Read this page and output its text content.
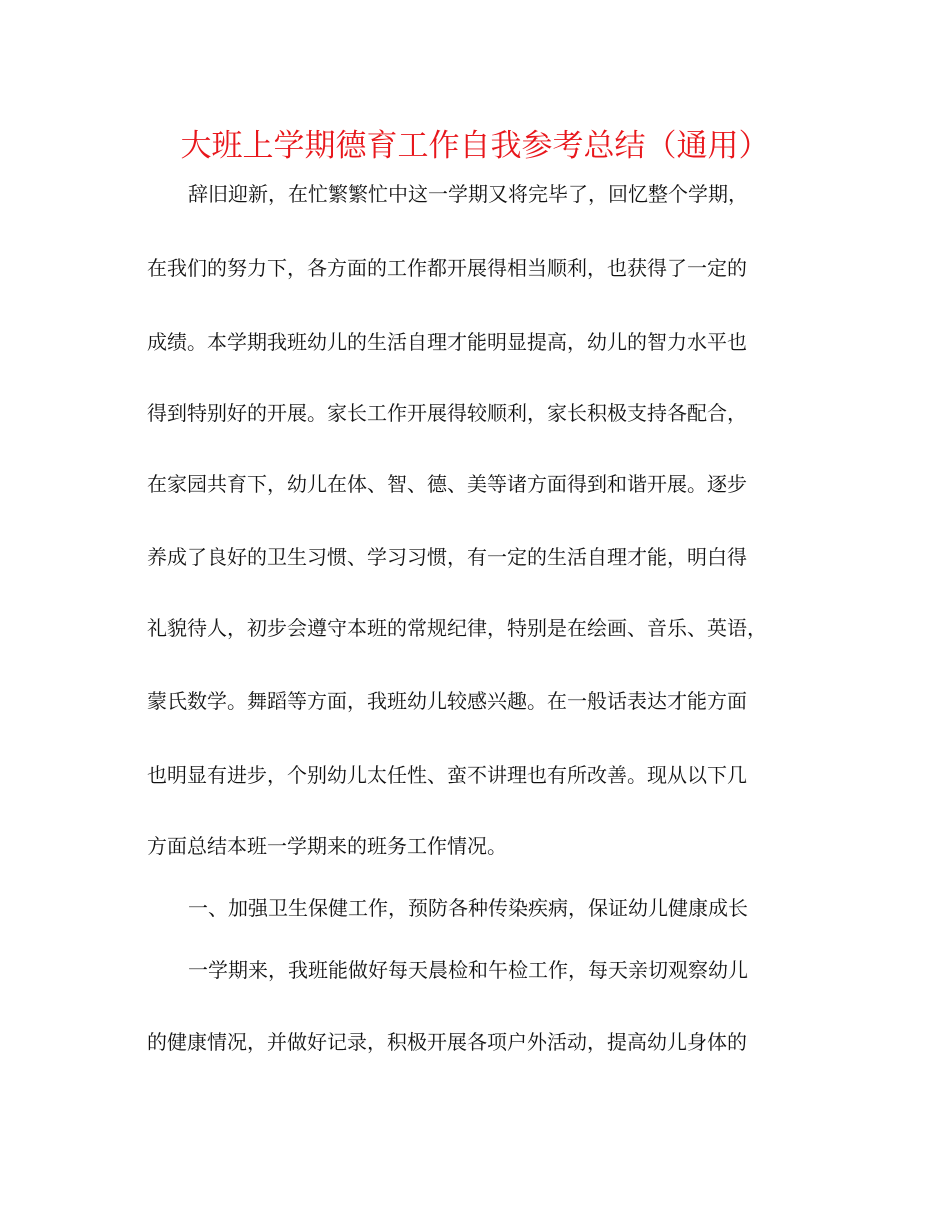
大班上学期德育工作自我参考总结（通用）
辞旧迎新，在忙繁繁忙中这一学期又将完毕了，回忆整个学期，
在我们的努力下，各方面的工作都开展得相当顺利，也获得了一定的
成绩。本学期我班幼儿的生活自理才能明显提高，幼儿的智力水平也
得到特别好的开展。家长工作开展得较顺利，家长积极支持各配合，
在家园共育下，幼儿在体、智、德、美等诸方面得到和谐开展。逐步
养成了良好的卫生习惯、学习习惯，有一定的生活自理才能，明白得
礼貌待人，初步会遵守本班的常规纪律，特别是在绘画、音乐、英语，
蒙氏数学。舞蹈等方面，我班幼儿较感兴趣。在一般话表达才能方面
也明显有进步，个别幼儿太任性、蛮不讲理也有所改善。现从以下几
方面总结本班一学期来的班务工作情况。
一、加强卫生保健工作，预防各种传染疾病，保证幼儿健康成长
一学期来，我班能做好每天晨检和午检工作，每天亲切观察幼儿
的健康情况，并做好记录，积极开展各项户外活动，提高幼儿身体的
